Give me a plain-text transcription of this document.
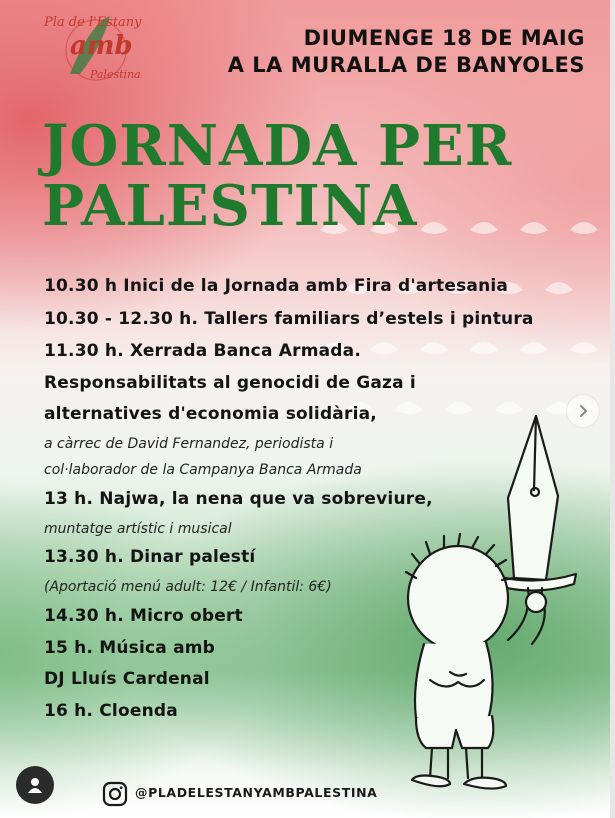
Pla de l'Estany
amb
Palestina
DIUMENGE 18 DE MAIG
A LA MURALLA DE BANYOLES
JORNADA PER
PALESTINA
10.30 h Inici de la Jornada amb Fira d'artesania
10.30 - 12.30 h. Tallers familiars d’estels i pintura
11.30 h. Xerrada Banca Armada.
Responsabilitats al genocidi de Gaza i
alternatives d'economia solidària,
a càrrec de David Fernandez, periodista i
col·laborador de la Campanya Banca Armada
13 h. Najwa, la nena que va sobreviure,
muntatge artístic i musical
13.30 h. Dinar palestí
(Aportació menú adult: 12€ / Infantil: 6€)
14.30 h. Micro obert
15 h. Música amb
DJ Lluís Cardenal
16 h. Cloenda
@PLADELESTANYAMBPALESTINA
